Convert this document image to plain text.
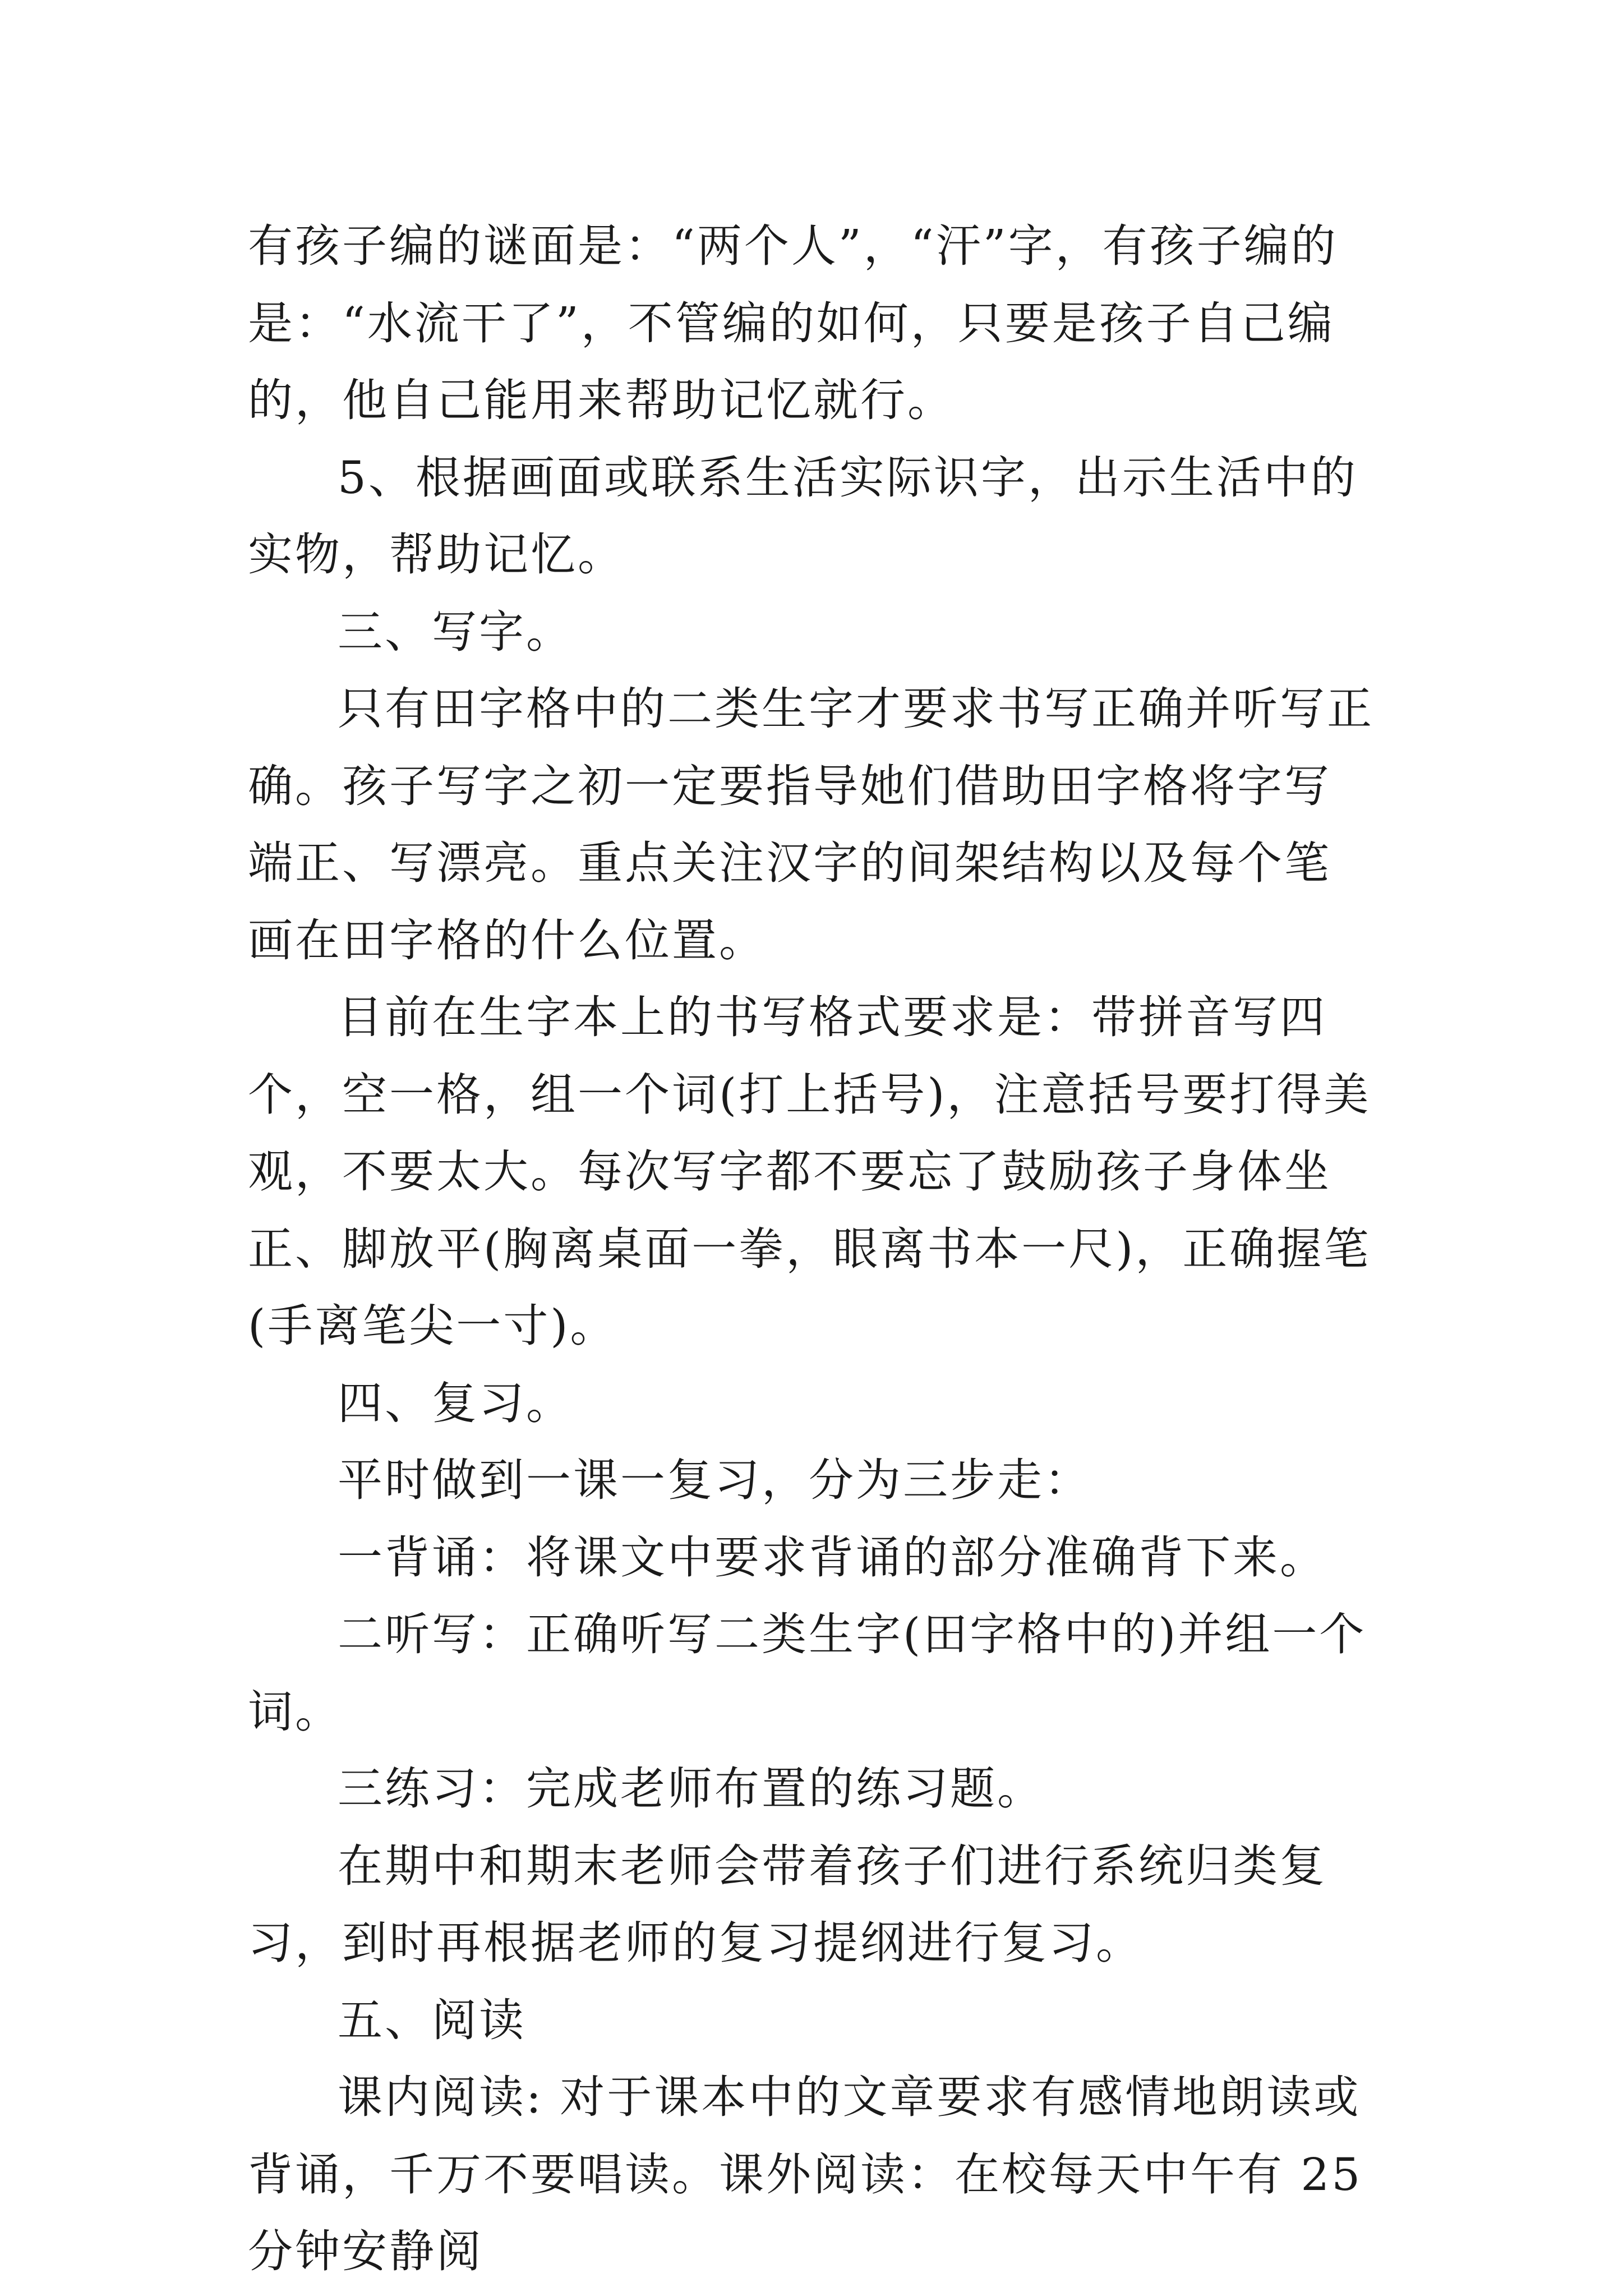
有孩子编的谜面是：“两个人”，“汗”字，有孩子编的是：“水流干了”，不管编的如何，只要是孩子自己编的，他自己能用来帮助记忆就行。

5、根据画面或联系生活实际识字，出示生活中的实物，帮助记忆。

三、写字。

只有田字格中的二类生字才要求书写正确并听写正确。孩子写字之初一定要指导她们借助田字格将字写端正、写漂亮。重点关注汉字的间架结构以及每个笔画在田字格的什么位置。

目前在生字本上的书写格式要求是：带拼音写四个，空一格，组一个词(打上括号)，注意括号要打得美观，不要太大。每次写字都不要忘了鼓励孩子身体坐正、脚放平(胸离桌面一拳，眼离书本一尺)，正确握笔(手离笔尖一寸)。

四、复习。

平时做到一课一复习，分为三步走：

一背诵：将课文中要求背诵的部分准确背下来。

二听写：正确听写二类生字(田字格中的)并组一个词。

三练习：完成老师布置的练习题。

在期中和期末老师会带着孩子们进行系统归类复习，到时再根据老师的复习提纲进行复习。

五、阅读

课内阅读: 对于课本中的文章要求有感情地朗读或背诵，千万不要唱读。课外阅读：在校每天中午有 25 分钟安静阅
